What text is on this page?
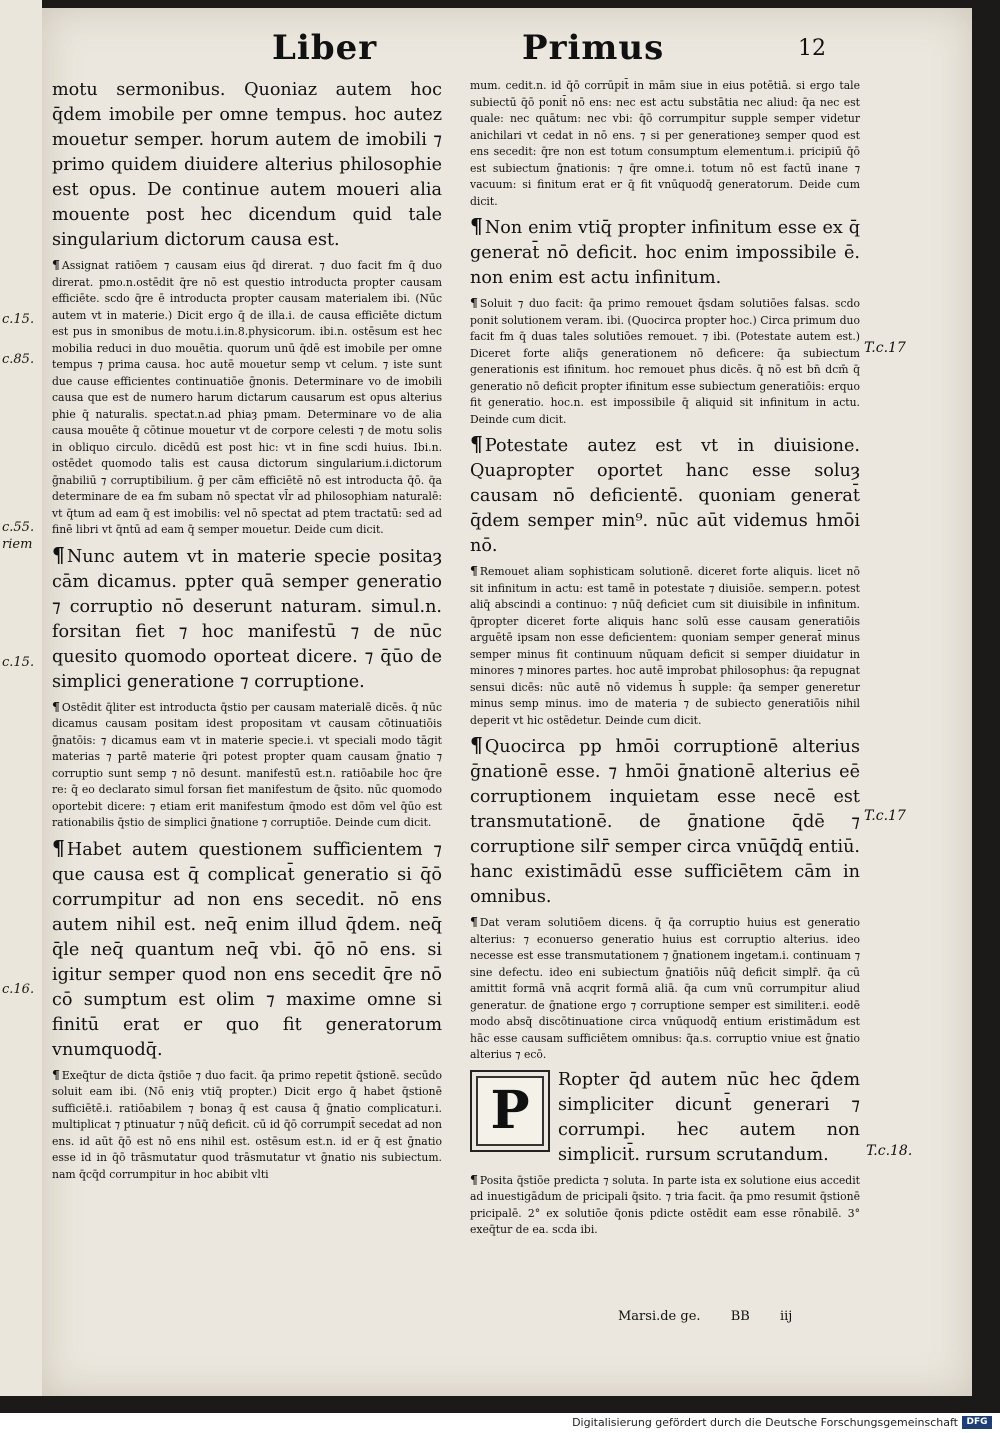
c.15.
c.85.
c.55.
riem
c.15.
c.16.
Liber	Primus	12
motu sermonibus. Quoniaz autem hoc q̄dem imobile per omne tempus. hoc autez mouetur semper. horum autem de imobili ⁊ primo quidem diuidere alterius philosophie est opus. De continue autem moueri alia mouente post hec dicendum quid tale singularium dictorum causa est.
¶ Assignat ratiōem ⁊ causam eius q̄ḋ direrat. ⁊ duo facit fm q̄ duo direrat. pmo.n.ostēdit q̄re nō est questio introducta propter causam efficiēte. scdo q̄re ē introducta propter causam materialem ibi. (Nūc autem vt in materie.) Dicit ergo q̄ de illa.i. de causa efficiēte dictum est pus in smonibus de motu.i.in.8.physicorum. ibi.n. ostēsum est hec mobilia reduci in duo mouētia. quorum unū q̄dē est imobile per omne tempus ⁊ prima causa. hoc autē mouetur semp vt celum. ⁊ iste sunt due cause efficientes continuatiōe ḡnonis. Determinare vo de imobili causa que est de numero harum dictarum causarum est opus alterius phie q̄ naturalis. spectat.n.ad phiaȝ pmam. Determinare vo de alia causa mouēte q̄ cōtinue mouetur vt de corpore celesti ⁊ de motu solis in obliquo circulo. dicēdū est post hic: vt in fine scdi huius. Ibi.n. ostēdet quomodo talis est causa dictorum singularium.i.dictorum ḡnabiliū ⁊ corruptibilium. ḡ per cām efficiētē nō est introducta q̄ō. q̄a determinare de ea fm subam nō spectat vl̄r ad philosophiam naturalē: vt q̄tum ad eam q̄ est imobilis: vel nō spectat ad ptem tractatū: sed ad finē libri vt q̄ntū ad eam q̄ semper mouetur. Deide cum dicit.
¶ Nunc autem vt in materie specie positaȝ cām dicamus. ppter quā semper generatio ⁊ corruptio nō deserunt naturam. simul.n. forsitan fiet ⁊ hoc manifestū ⁊ de nūc quesito quomodo oporteat dicere. ⁊ q̄ūo de simplici generatione ⁊ corruptione.
¶ Ostēdit q̄liter est introducta q̄stio per causam materialē dicēs. q̄ nūc dicamus causam positam idest propositam vt causam cōtinuatiōis ḡnatōis: ⁊ dicamus eam vt in materie specie.i. vt speciali modo tāgit materias ⁊ partē materie q̄ri potest propter quam causam ḡnatio ⁊ corruptio sunt semp ⁊ nō desunt. manifestū est.n. ratiōabile hoc q̄re re: q̄ eo declarato simul forsan fiet manifestum de q̄sito. nūc quomodo oportebit dicere: ⁊ etiam erit manifestum q̄modo est dōm vel q̄ūo est rationabilis q̄stio de simplici ḡnatione ⁊ corruptiōe. Deinde cum dicit.
¶ Habet autem questionem sufficientem ⁊ que causa est q̄ complicat̄ generatio si q̄ō corrumpitur ad non ens secedit. nō ens autem nihil est. neq̄ enim illud q̄dem. neq̄ q̄le neq̄ quantum neq̄ vbi. q̄ō nō ens. si igitur semper quod non ens secedit q̄re nō cō sumptum est olim ⁊ maxime omne si finitū erat er quo fit generatorum vnumquodq̄.
¶ Exeq̄tur de dicta q̄stiōe ⁊ duo facit. q̄a primo repetit q̄stionē. secūdo soluit eam ibi. (Nō eniȝ vtiq̄ propter.) Dicit ergo q̄ habet q̄stionē sufficiētē.i. ratiōabilem ⁊ bonaȝ q̄ est causa q̄ ḡnatio complicatur.i. multiplicat ⁊ ptinuatur ⁊ nūq̄ deficit. cū id q̄ō corrumpit̄ secedat ad non ens. id aūt q̄ō est nō ens nihil est. ostēsum est.n. id er q̄ est ḡnatio esse id in q̄ō trāsmutatur quod trāsmutatur vt ḡnatio nis subiectum. nam q̄cq̄d corrumpitur in hoc abibit vlti
mum. cedit.n. id q̄ō corrūpit̄ in mām siue in eius potētiā. si ergo tale subiectū q̄ō ponit̄ nō ens: nec est actu substātia nec aliud: q̄a nec est quale: nec quātum: nec vbi: q̄ō corrumpitur supple semper videtur anichilari vt cedat in nō ens. ⁊ si per generationeȝ semper quod est ens secedit: q̄re non est totum consumptum elementum.i. pricipiū q̄ō est subiectum ḡnationis: ⁊ q̄re omne.i. totum nō est factū inane ⁊ vacuum: si finitum erat er q̄ fit vnūquodq̄ generatorum. Deide cum dicit.
¶ Non enim vtiq̄ propter infinitum esse ex q̄ generat̄ nō deficit. hoc enim impossibile ē. non enim est actu infinitum.
¶ Soluit ⁊ duo facit: q̄a primo remouet q̄sdam solutiōes falsas. scdo ponit solutionem veram. ibi. (Quocirca propter hoc.) Circa primum duo facit fm q̄ duas tales solutiōes remouet. ⁊ ibi. (Potestate autem est.) Diceret forte aliq̄s generationem nō deficere: q̄a subiectum generationis est ifinitum. hoc remouet phus dicēs. q̄ nō est bn̄ dcm̄ q̄ generatio nō deficit propter ifinitum esse subiectum generatiōis: erquo fit generatio. hoc.n. est impossibile q̄ aliquid sit infinitum in actu. Deinde cum dicit.
¶ Potestate autez est vt in diuisione. Quapropter oportet hanc esse soluȝ causam nō deficientē. quoniam generat̄ q̄dem semper min⁹. nūc aūt videmus hmōi nō.
¶ Remouet aliam sophisticam solutionē. diceret forte aliquis. licet nō sit infinitum in actu: est tamē in potestate ⁊ diuisiōe. semper.n. potest aliq̄ abscindi a continuo: ⁊ nūq̄ deficiet cum sit diuisibile in infinitum. q̄propter diceret forte aliquis hanc solū esse causam generatiōis arguētē ipsam non esse deficientem: quoniam semper generat̄ minus semper minus fit continuum nūquam deficit si semper diuidatur in minores ⁊ minores partes. hoc autē improbat philosophus: q̄a repugnat sensui dicēs: nūc autē nō videmus h̄ supple: q̄a semper generetur minus semp minus. imo de materia ⁊ de subiecto generatiōis nihil deperit vt hic ostēdetur. Deinde cum dicit.
¶ Quocirca pp hmōi corruptionē alterius ḡnationē esse. ⁊ hmōi ḡnationē alterius eē corruptionem inquietam esse necē est transmutationē. de ḡnatione q̄dē ⁊ corruptione silr̄ semper circa vnūq̄dq̄ entiū. hanc existimādū esse sufficiētem cām in omnibus.
¶ Dat veram solutiōem dicens. q̄ q̄a corruptio huius est generatio alterius: ⁊ econuerso generatio huius est corruptio alterius. ideo necesse est esse transmutationem ⁊ ḡnationem ingetam.i. continuam ⁊ sine defectu. ideo eni subiectum ḡnatiōis nūq̄ deficit simplr̄. q̄a cū amittit formā vnā acqrit formā aliā. q̄a cum vnū corrumpitur aliud generatur. de ḡnatione ergo ⁊ corruptione semper est similiter.i. eodē modo absq̄ discōtinuatione circa vnūquodq̄ entium eristimādum est hāc esse causam sufficiētem omnibus: q̄a.s. corruptio vniue est ḡnatio alterius ⁊ ecō.
P
Ropter q̄d autem nūc hec q̄dem simpliciter dicunt̄ generari ⁊ corrumpi. hec autem non simplicit̄. rursum scrutandum.
¶ Posita q̄stiōe predicta ⁊ soluta. In parte ista ex solutione eius accedit ad inuestigādum de pricipali q̄sito. ⁊ tria facit. q̄a pmo resumit q̄stionē pricipalē. 2° ex solutiōe q̄onis pdicte ostēdit eam esse rōnabilē. 3° exeq̄tur de ea. scda ibi.
T.c.17
T.c.17
T.c.18.
Marsi.de ge. BB iij
Digitalisierung gefördert durch die Deutsche Forschungsgemeinschaft DFG
